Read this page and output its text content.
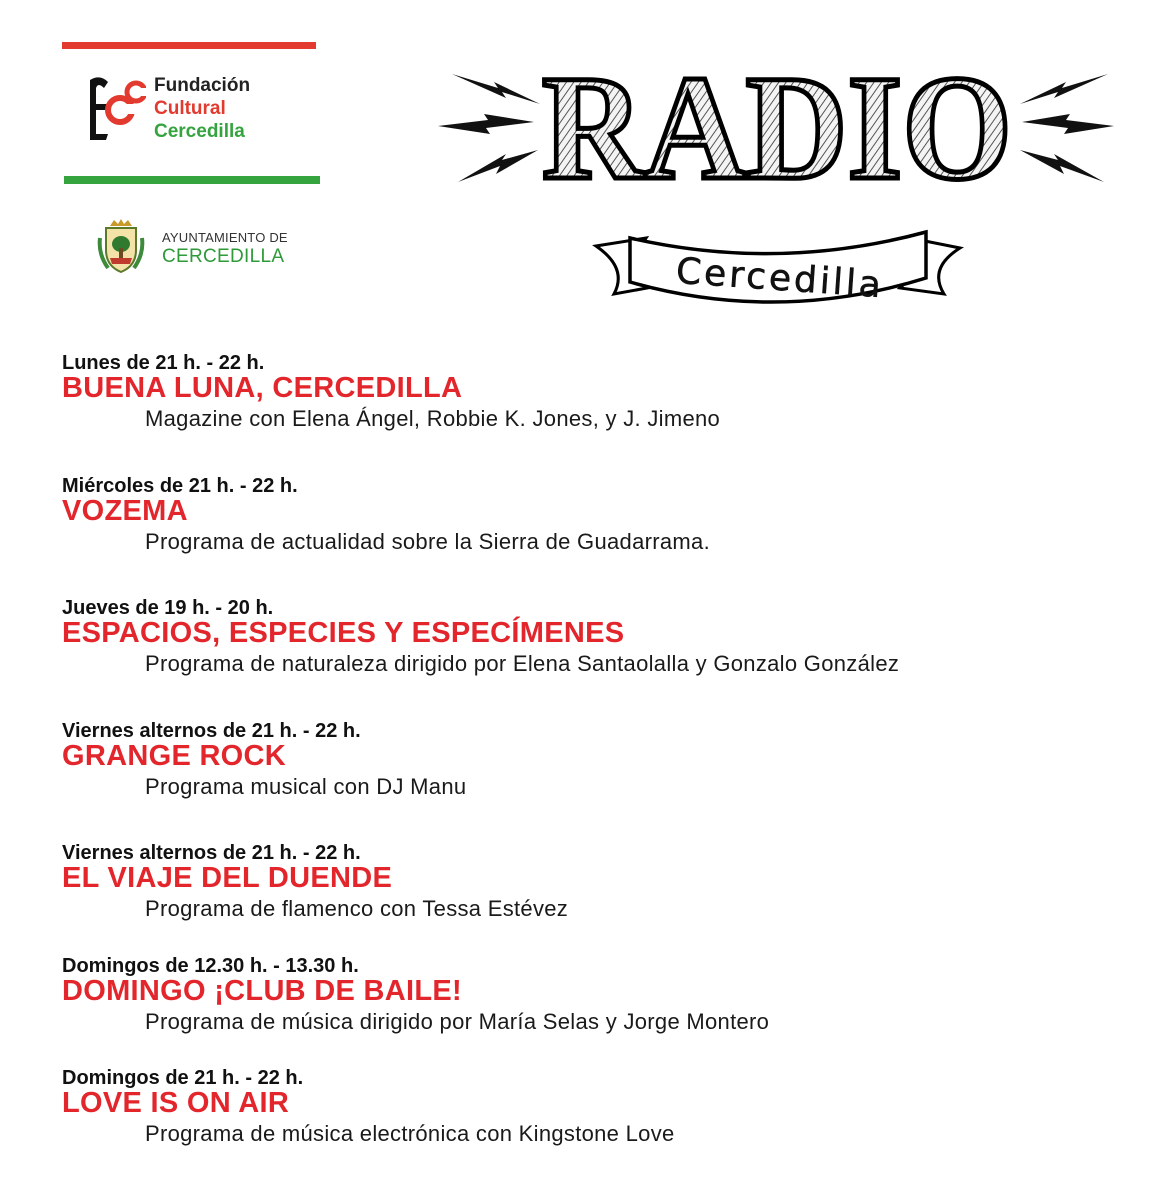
Fundación
Cultural
Cercedilla
AYUNTAMIENTO DE
CERCEDILLA
RADIO
Cercedilla
Lunes de 21 h. - 22 h.
BUENA LUNA, CERCEDILLA
Magazine con Elena Ángel, Robbie K. Jones, y J. Jimeno
Miércoles de 21 h. - 22 h.
VOZEMA
Programa de actualidad sobre la Sierra de Guadarrama.
Jueves de 19 h. - 20 h.
ESPACIOS, ESPECIES Y ESPECÍMENES
Programa de naturaleza dirigido por Elena Santaolalla y Gonzalo González
Viernes alternos de 21 h. - 22 h.
GRANGE ROCK
Programa musical con DJ Manu
Viernes alternos de 21 h. - 22 h.
EL VIAJE DEL DUENDE
Programa de flamenco con Tessa Estévez
Domingos de 12.30 h. - 13.30 h.
DOMINGO ¡CLUB DE BAILE!
Programa de música dirigido por María Selas y Jorge Montero
Domingos de 21 h. - 22 h.
LOVE IS ON AIR
Programa de música electrónica con Kingstone Love
